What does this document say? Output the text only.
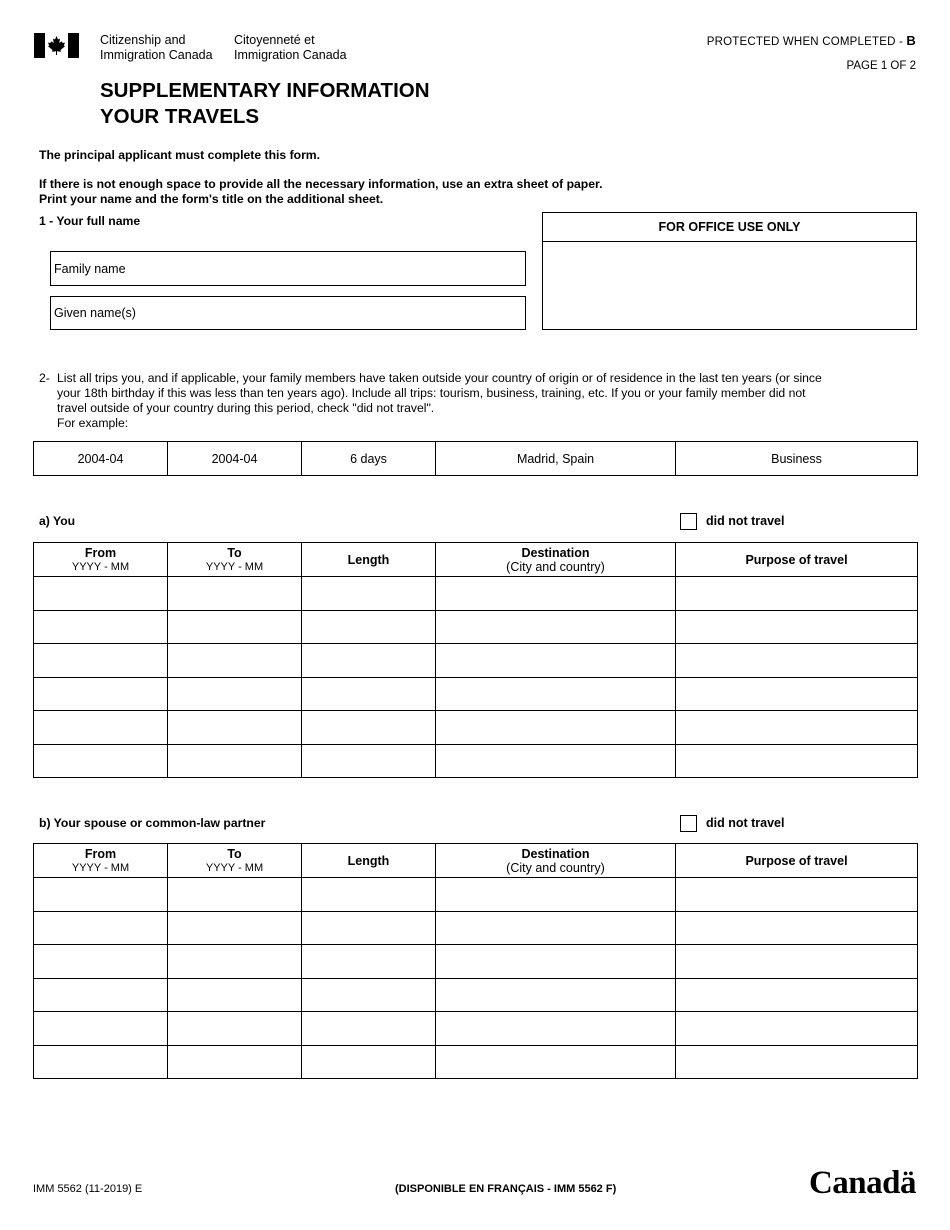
Citizenship and
Immigration Canada
Citoyenneté et
Immigration Canada
PROTECTED WHEN COMPLETED - B
PAGE 1 OF 2
SUPPLEMENTARY INFORMATION
YOUR TRAVELS
The principal applicant must complete this form.
If there is not enough space to provide all the necessary information, use an extra sheet of paper.
Print your name and the form's title on the additional sheet.
1 - Your full name
Family name
Given name(s)
FOR OFFICE USE ONLY
2- List all trips you, and if applicable, your family members have taken outside your country of origin or of residence in the last ten years (or since
your 18th birthday if this was less than ten years ago). Include all trips: tourism, business, training, etc. If you or your family member did not
travel outside of your country during this period, check "did not travel".
For example:
2004-04	2004-04	6 days	Madrid, Spain	Business
a) You	did not travel
From
YYYY - MM	To
YYYY - MM	Length	Destination
(City and country)	Purpose of travel

b) Your spouse or common-law partner	did not travel
From
YYYY - MM	To
YYYY - MM	Length	Destination
(City and country)	Purpose of travel

IMM 5562 (11-2019) E	(DISPONIBLE EN FRANÇAIS - IMM 5562 F)	Canadä
